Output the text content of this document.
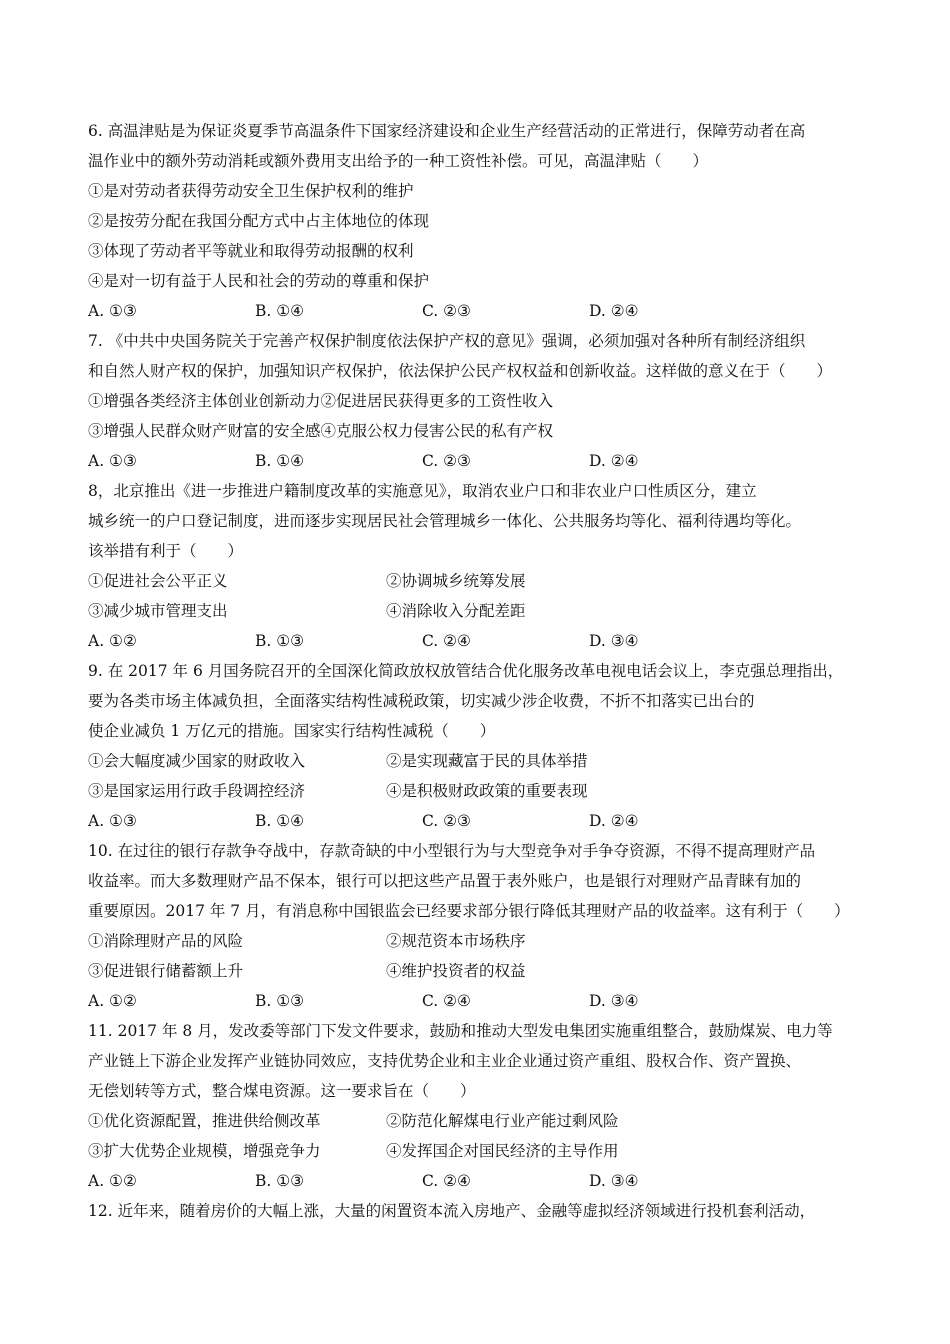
6. 高温津贴是为保证炎夏季节高温条件下国家经济建设和企业生产经营活动的正常进行，保障劳动者在高
温作业中的额外劳动消耗或额外费用支出给予的一种工资性补偿。可见，高温津贴（　　）
①是对劳动者获得劳动安全卫生保护权利的维护
②是按劳分配在我国分配方式中占主体地位的体现
③体现了劳动者平等就业和取得劳动报酬的权利
④是对一切有益于人民和社会的劳动的尊重和保护
A. ①③	B. ①④	C. ②③	D. ②④
7. 《中共中央国务院关于完善产权保护制度依法保护产权的意见》强调，必须加强对各种所有制经济组织
和自然人财产权的保护，加强知识产权保护，依法保护公民产权权益和创新收益。这样做的意义在于（　　）
①增强各类经济主体创业创新动力②促进居民获得更多的工资性收入
③增强人民群众财产财富的安全感④克服公权力侵害公民的私有产权
A. ①③	B. ①④	C. ②③	D. ②④
8，北京推出《进一步推进户籍制度改革的实施意见》，取消农业户口和非农业户口性质区分，建立
城乡统一的户口登记制度，进而逐步实现居民社会管理城乡一体化、公共服务均等化、福利待遇均等化。
该举措有利于（　　）
①促进社会公平正义	②协调城乡统筹发展
③减少城市管理支出	④消除收入分配差距
A. ①②	B. ①③	C. ②④	D. ③④
9. 在 2017 年 6 月国务院召开的全国深化简政放权放管结合优化服务改革电视电话会议上，李克强总理指出，
要为各类市场主体减负担，全面落实结构性减税政策，切实减少涉企收费，不折不扣落实已出台的
使企业减负 1 万亿元的措施。国家实行结构性减税（　　）
①会大幅度减少国家的财政收入	②是实现藏富于民的具体举措
③是国家运用行政手段调控经济	④是积极财政政策的重要表现
A. ①③	B. ①④	C. ②③	D. ②④
10. 在过往的银行存款争夺战中，存款奇缺的中小型银行为与大型竞争对手争夺资源，不得不提高理财产品
收益率。而大多数理财产品不保本，银行可以把这些产品置于表外账户，也是银行对理财产品青睐有加的
重要原因。2017 年 7 月，有消息称中国银监会已经要求部分银行降低其理财产品的收益率。这有利于（　　）
①消除理财产品的风险	②规范资本市场秩序
③促进银行储蓄额上升	④维护投资者的权益
A. ①②	B. ①③	C. ②④	D. ③④
11. 2017 年 8 月，发改委等部门下发文件要求，鼓励和推动大型发电集团实施重组整合，鼓励煤炭、电力等
产业链上下游企业发挥产业链协同效应，支持优势企业和主业企业通过资产重组、股权合作、资产置换、
无偿划转等方式，整合煤电资源。这一要求旨在（　　）
①优化资源配置，推进供给侧改革	②防范化解煤电行业产能过剩风险
③扩大优势企业规模，增强竞争力	④发挥国企对国民经济的主导作用
A. ①②	B. ①③	C. ②④	D. ③④
12. 近年来，随着房价的大幅上涨，大量的闲置资本流入房地产、金融等虚拟经济领域进行投机套利活动，
